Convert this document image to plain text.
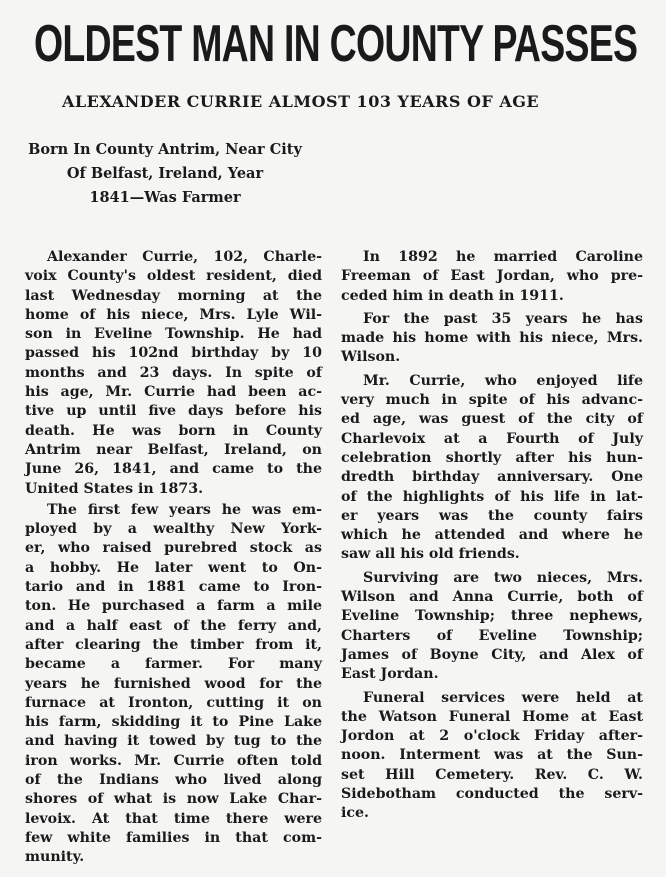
OLDEST MAN IN COUNTY PASSES
ALEXANDER CURRIE ALMOST 103 YEARS OF AGE
Born In County Antrim, Near City
Of Belfast, Ireland, Year
1841—Was Farmer

Alexander Currie, 102, Charle-
voix County's oldest resident, died
last Wednesday morning at the
home of his niece, Mrs. Lyle Wil-
son in Eveline Township. He had
passed his 102nd birthday by 10
months and 23 days. In spite of
his age, Mr. Currie had been ac-
tive up until five days before his
death. He was born in County
Antrim near Belfast, Ireland, on
June 26, 1841, and came to the
United States in 1873.

The first few years he was em-
ployed by a wealthy New York-
er, who raised purebred stock as
a hobby. He later went to On-
tario and in 1881 came to Iron-
ton. He purchased a farm a mile
and a half east of the ferry and,
after clearing the timber from it,
became a farmer. For many
years he furnished wood for the
furnace at Ironton, cutting it on
his farm, skidding it to Pine Lake
and having it towed by tug to the
iron works. Mr. Currie often told
of the Indians who lived along
shores of what is now Lake Char-
levoix. At that time there were
few white families in that com-
munity.

In 1892 he married Caroline
Freeman of East Jordan, who pre-
ceded him in death in 1911.

For the past 35 years he has
made his home with his niece, Mrs.
Wilson.

Mr. Currie, who enjoyed life
very much in spite of his advanc-
ed age, was guest of the city of
Charlevoix at a Fourth of July
celebration shortly after his hun-
dredth birthday anniversary. One
of the highlights of his life in lat-
er years was the county fairs
which he attended and where he
saw all his old friends.

Surviving are two nieces, Mrs.
Wilson and Anna Currie, both of
Eveline Township; three nephews,
Charters of Eveline Township;
James of Boyne City, and Alex of
East Jordan.

Funeral services were held at
the Watson Funeral Home at East
Jordon at 2 o'clock Friday after-
noon. Interment was at the Sun-
set Hill Cemetery. Rev. C. W.
Sidebotham conducted the serv-
ice.
